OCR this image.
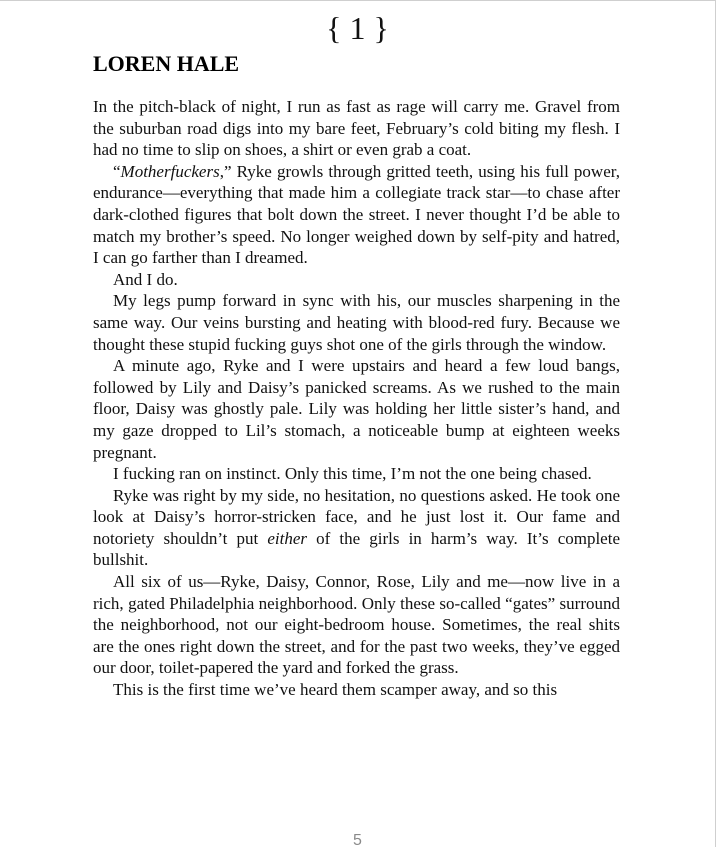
{ 1 }
LOREN HALE

In the pitch-black of night, I run as fast as rage will carry me. Gravel from the suburban road digs into my bare feet, February’s cold biting my flesh. I had no time to slip on shoes, a shirt or even grab a coat.

“Motherfuckers,” Ryke growls through gritted teeth, using his full power, endurance—everything that made him a collegiate track star—to chase after dark-clothed figures that bolt down the street. I never thought I’d be able to match my brother’s speed. No longer weighed down by self-pity and hatred, I can go farther than I dreamed.

And I do.

My legs pump forward in sync with his, our muscles sharpening in the same way. Our veins bursting and heating with blood-red fury. Because we thought these stupid fucking guys shot one of the girls through the window.

A minute ago, Ryke and I were upstairs and heard a few loud bangs, followed by Lily and Daisy’s panicked screams. As we rushed to the main floor, Daisy was ghostly pale. Lily was holding her little sister’s hand, and my gaze dropped to Lil’s stomach, a noticeable bump at eighteen weeks pregnant.

I fucking ran on instinct. Only this time, I’m not the one being chased.

Ryke was right by my side, no hesitation, no questions asked. He took one look at Daisy’s horror-stricken face, and he just lost it. Our fame and notoriety shouldn’t put either of the girls in harm’s way. It’s complete bullshit.

All six of us—Ryke, Daisy, Connor, Rose, Lily and me—now live in a rich, gated Philadelphia neighborhood. Only these so-called “gates” surround the neighborhood, not our eight-bedroom house. Sometimes, the real shits are the ones right down the street, and for the past two weeks, they’ve egged our door, toilet-papered the yard and forked the grass.

This is the first time we’ve heard them scamper away, and so this

5
